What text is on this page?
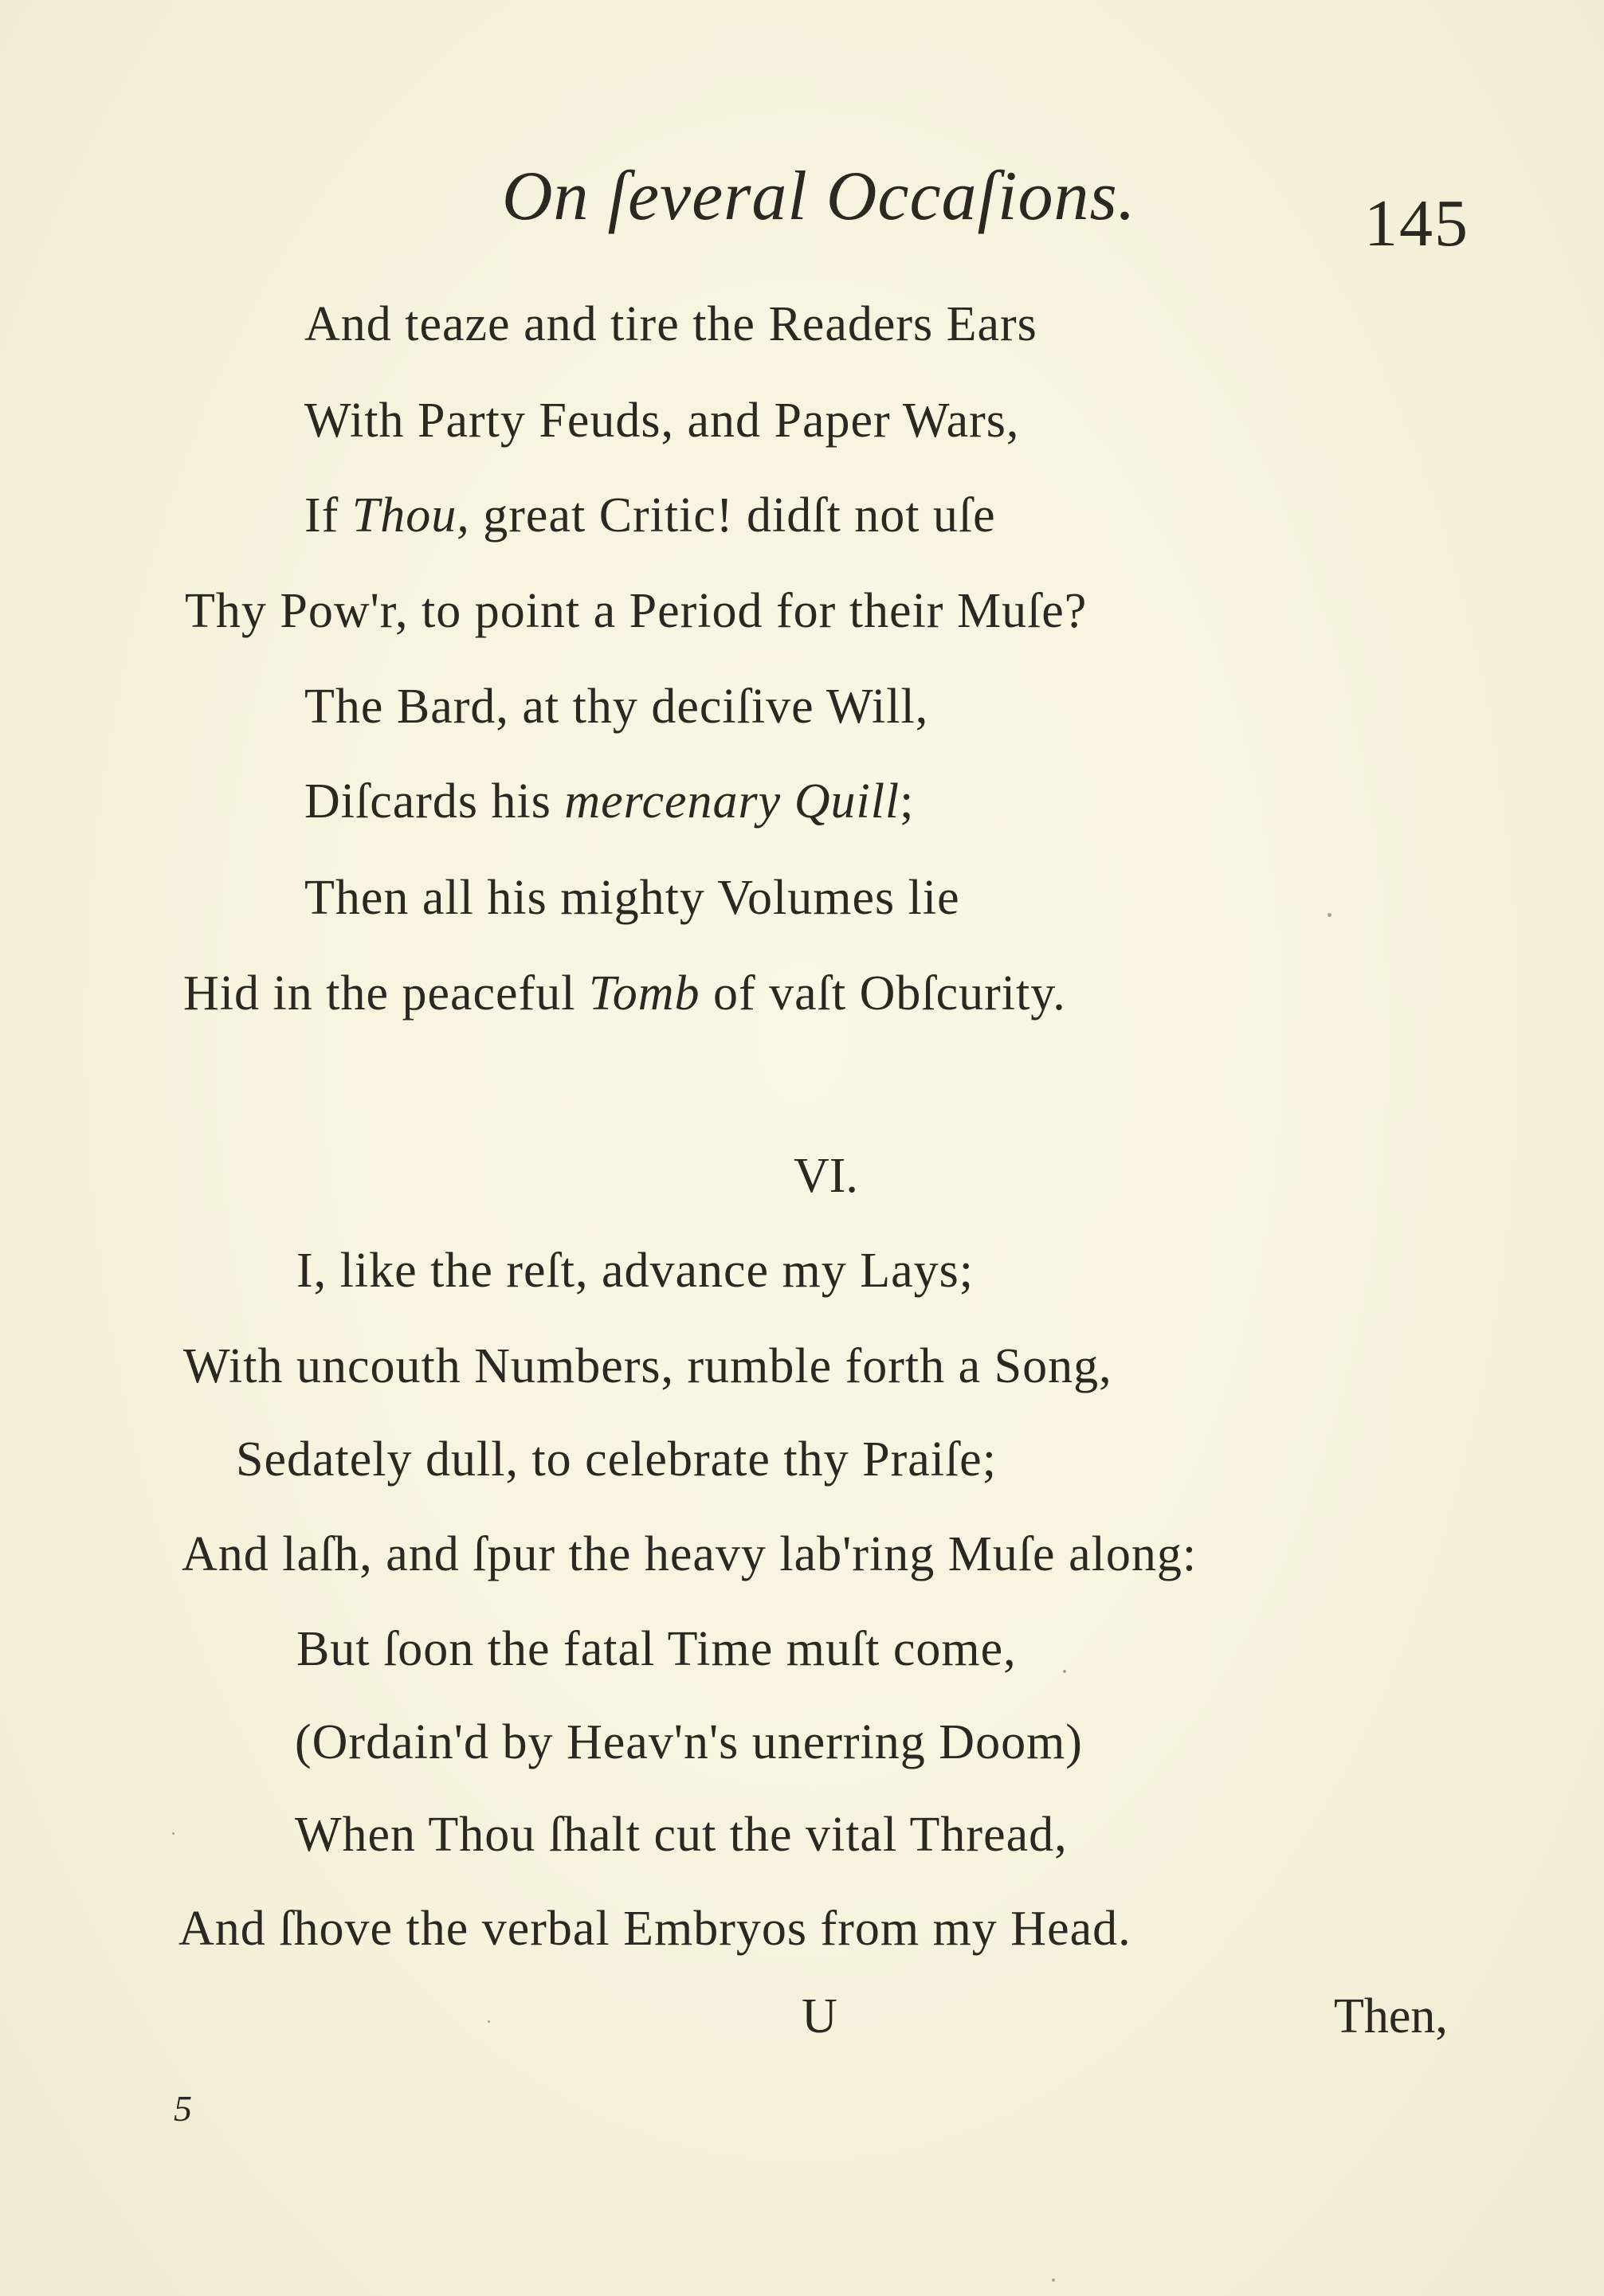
On ſeveral Occaſions.	145
And teaze and tire the Readers Ears
With Party Feuds, and Paper Wars,
If Thou, great Critic! didſt not uſe
Thy Pow'r, to point a Period for their Muſe?
The Bard, at thy deciſive Will,
Diſcards his mercenary Quill;
Then all his mighty Volumes lie
Hid in the peaceful Tomb of vaſt Obſcurity.
VI.
I, like the reſt, advance my Lays;
With uncouth Numbers, rumble forth a Song,
Sedately dull, to celebrate thy Praiſe;
And laſh, and ſpur the heavy lab'ring Muſe along:
But ſoon the fatal Time muſt come,
(Ordain'd by Heav'n's unerring Doom)
When Thou ſhalt cut the vital Thread,
And ſhove the verbal Embryos from my Head.
U	Then,
5
